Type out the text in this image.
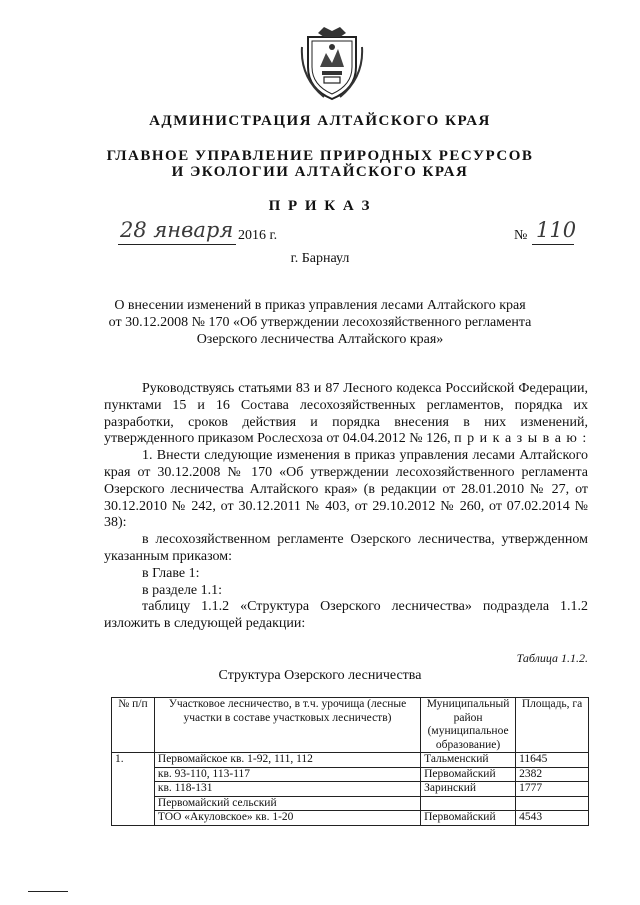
АДМИНИСТРАЦИЯ АЛТАЙСКОГО КРАЯ
ГЛАВНОЕ УПРАВЛЕНИЕ ПРИРОДНЫХ РЕСУРСОВ
И ЭКОЛОГИИ АЛТАЙСКОГО КРАЯ
П Р И К А З
28 января 2016 г.	№ 110
г. Барнаул
О внесении изменений в приказ управления лесами Алтайского края
от 30.12.2008 № 170 «Об утверждении лесохозяйственного регламента
Озерского лесничества Алтайского края»

Руководствуясь статьями 83 и 87 Лесного кодекса Российской Федерации, пунктами 15 и 16 Состава лесохозяйственных регламентов, порядка их разработки, сроков действия и порядка внесения в них изменений, утвержденного приказом Рослесхоза от 04.04.2012 № 126, п р и к а з ы в а ю :

1. Внести следующие изменения в приказ управления лесами Алтайского края от 30.12.2008 № 170 «Об утверждении лесохозяйственного регламента Озерского лесничества Алтайского края» (в редакции от 28.01.2010 № 27, от 30.12.2010 № 242, от 30.12.2011 № 403, от 29.10.2012 № 260, от 07.02.2014 № 38):

в лесохозяйственном регламенте Озерского лесничества, утвержденном указанным приказом:

в Главе 1:

в разделе 1.1:

таблицу 1.1.2 «Структура Озерского лесничества» подраздела 1.1.2 изложить в следующей редакции:

Таблица 1.1.2.
Структура Озерского лесничества
№ п/п	Участковое лесничество, в т.ч. урочища (лесные участки в составе участковых лесничеств)	Муниципальный район (муниципальное образование)	Площадь, га
1.	Первомайское кв. 1-92, 111, 112	Тальменский	11645
	кв. 93-110, 113-117	Первомайский	2382
	кв. 118-131	Заринский	1777
	Первомайский сельский		
	ТОО «Акуловское» кв. 1-20	Первомайский	4543
